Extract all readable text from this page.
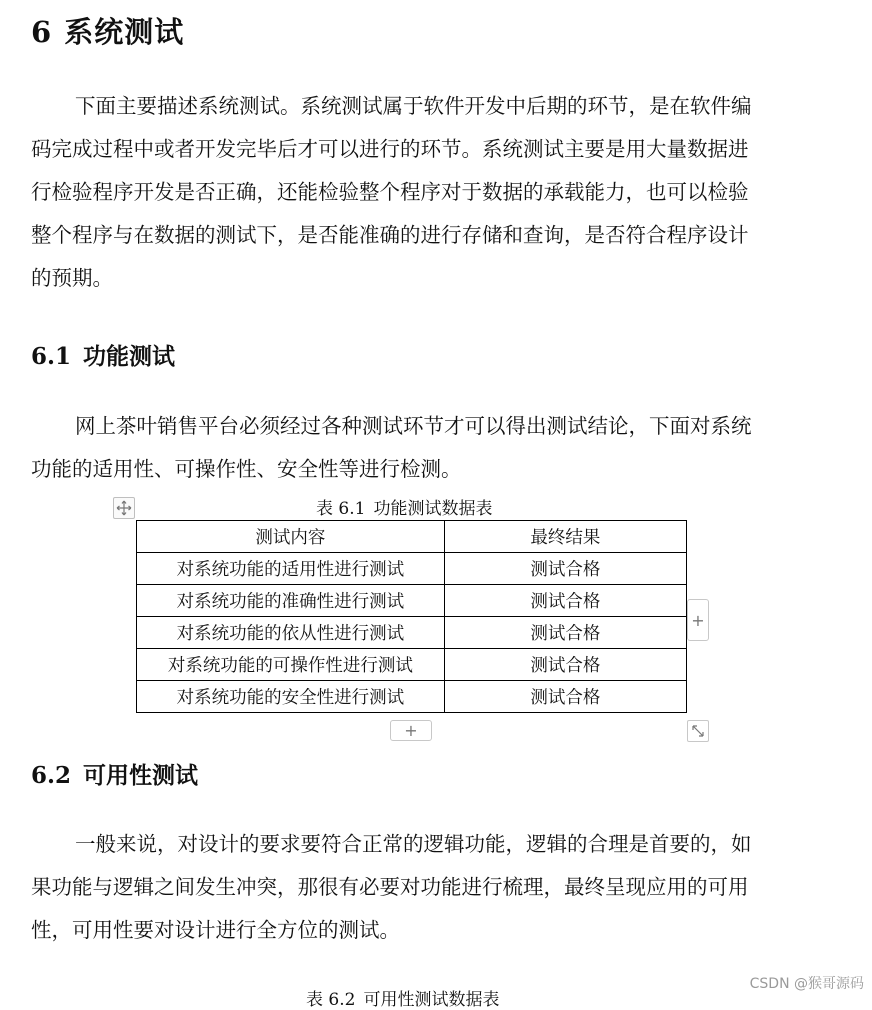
6 系统测试
下面主要描述系统测试。系统测试属于软件开发中后期的环节，是在软件编
码完成过程中或者开发完毕后才可以进行的环节。系统测试主要是用大量数据进
行检验程序开发是否正确，还能检验整个程序对于数据的承载能力，也可以检验
整个程序与在数据的测试下，是否能准确的进行存储和查询，是否符合程序设计
的预期。
6.1 功能测试
网上茶叶销售平台必须经过各种测试环节才可以得出测试结论，下面对系统
功能的适用性、可操作性、安全性等进行检测。
表 6.1 功能测试数据表
测试内容	最终结果
对系统功能的适用性进行测试	测试合格
对系统功能的准确性进行测试	测试合格
对系统功能的依从性进行测试	测试合格
对系统功能的可操作性进行测试	测试合格
对系统功能的安全性进行测试	测试合格
+
+
6.2 可用性测试
一般来说，对设计的要求要符合正常的逻辑功能，逻辑的合理是首要的，如
果功能与逻辑之间发生冲突，那很有必要对功能进行梳理，最终呈现应用的可用
性，可用性要对设计进行全方位的测试。
表 6.2 可用性测试数据表
CSDN @猴哥源码
